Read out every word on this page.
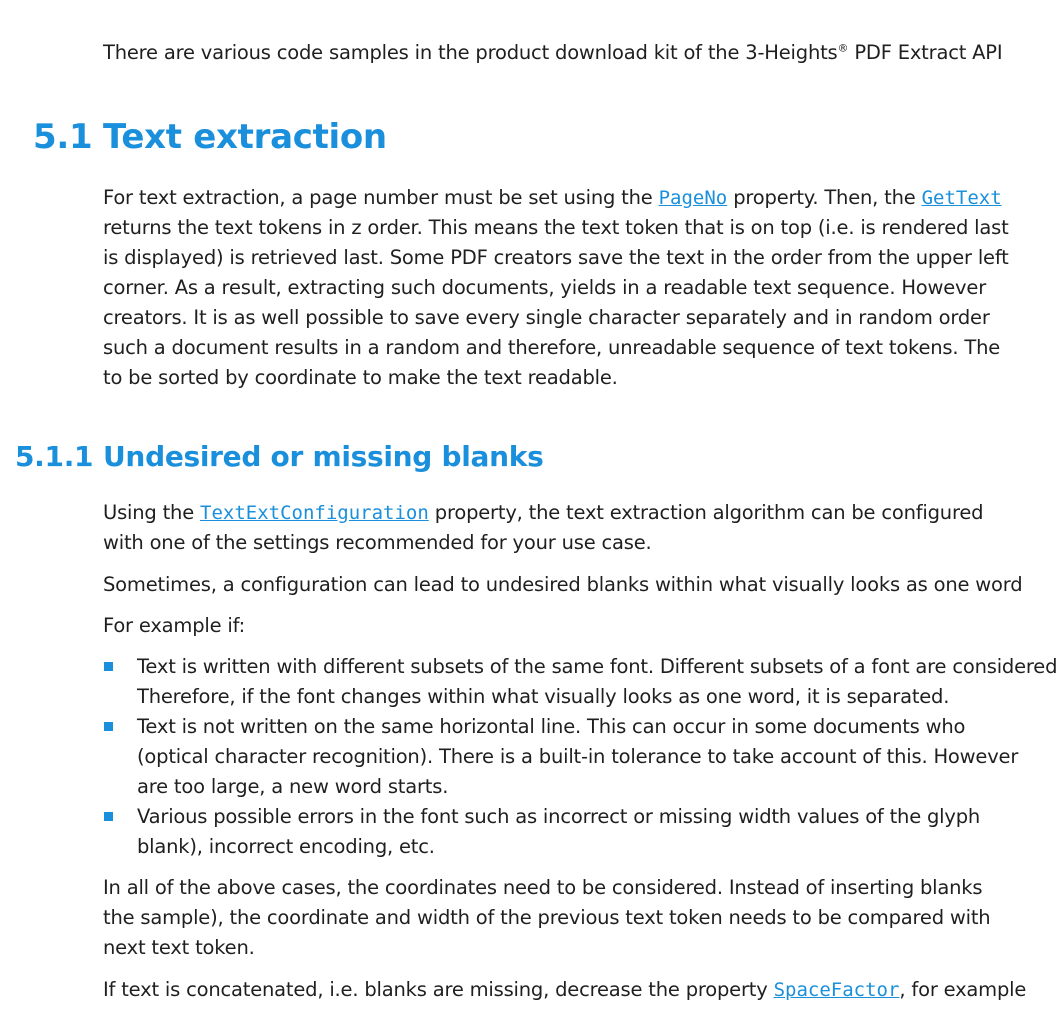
There are various code samples in the product download kit of the 3-Heights® PDF Extract API
5.1 Text extraction
For text extraction, a page number must be set using the PageNo property. Then, the GetText
returns the text tokens in z order. This means the text token that is on top (i.e. is rendered last
is displayed) is retrieved last. Some PDF creators save the text in the order from the upper left
corner. As a result, extracting such documents, yields in a readable text sequence. However
creators. It is as well possible to save every single character separately and in random order
such a document results in a random and therefore, unreadable sequence of text tokens. The
to be sorted by coordinate to make the text readable.
5.1.1 Undesired or missing blanks
Using the TextExtConfiguration property, the text extraction algorithm can be configured
with one of the settings recommended for your use case.
Sometimes, a configuration can lead to undesired blanks within what visually looks as one word
For example if:
Text is written with different subsets of the same font. Different subsets of a font are considered
Therefore, if the font changes within what visually looks as one word, it is separated.
Text is not written on the same horizontal line. This can occur in some documents who
(optical character recognition). There is a built-in tolerance to take account of this. However
are too large, a new word starts.
Various possible errors in the font such as incorrect or missing width values of the glyph
blank), incorrect encoding, etc.
In all of the above cases, the coordinates need to be considered. Instead of inserting blanks
the sample), the coordinate and width of the previous text token needs to be compared with
next text token.
If text is concatenated, i.e. blanks are missing, decrease the property SpaceFactor, for example
